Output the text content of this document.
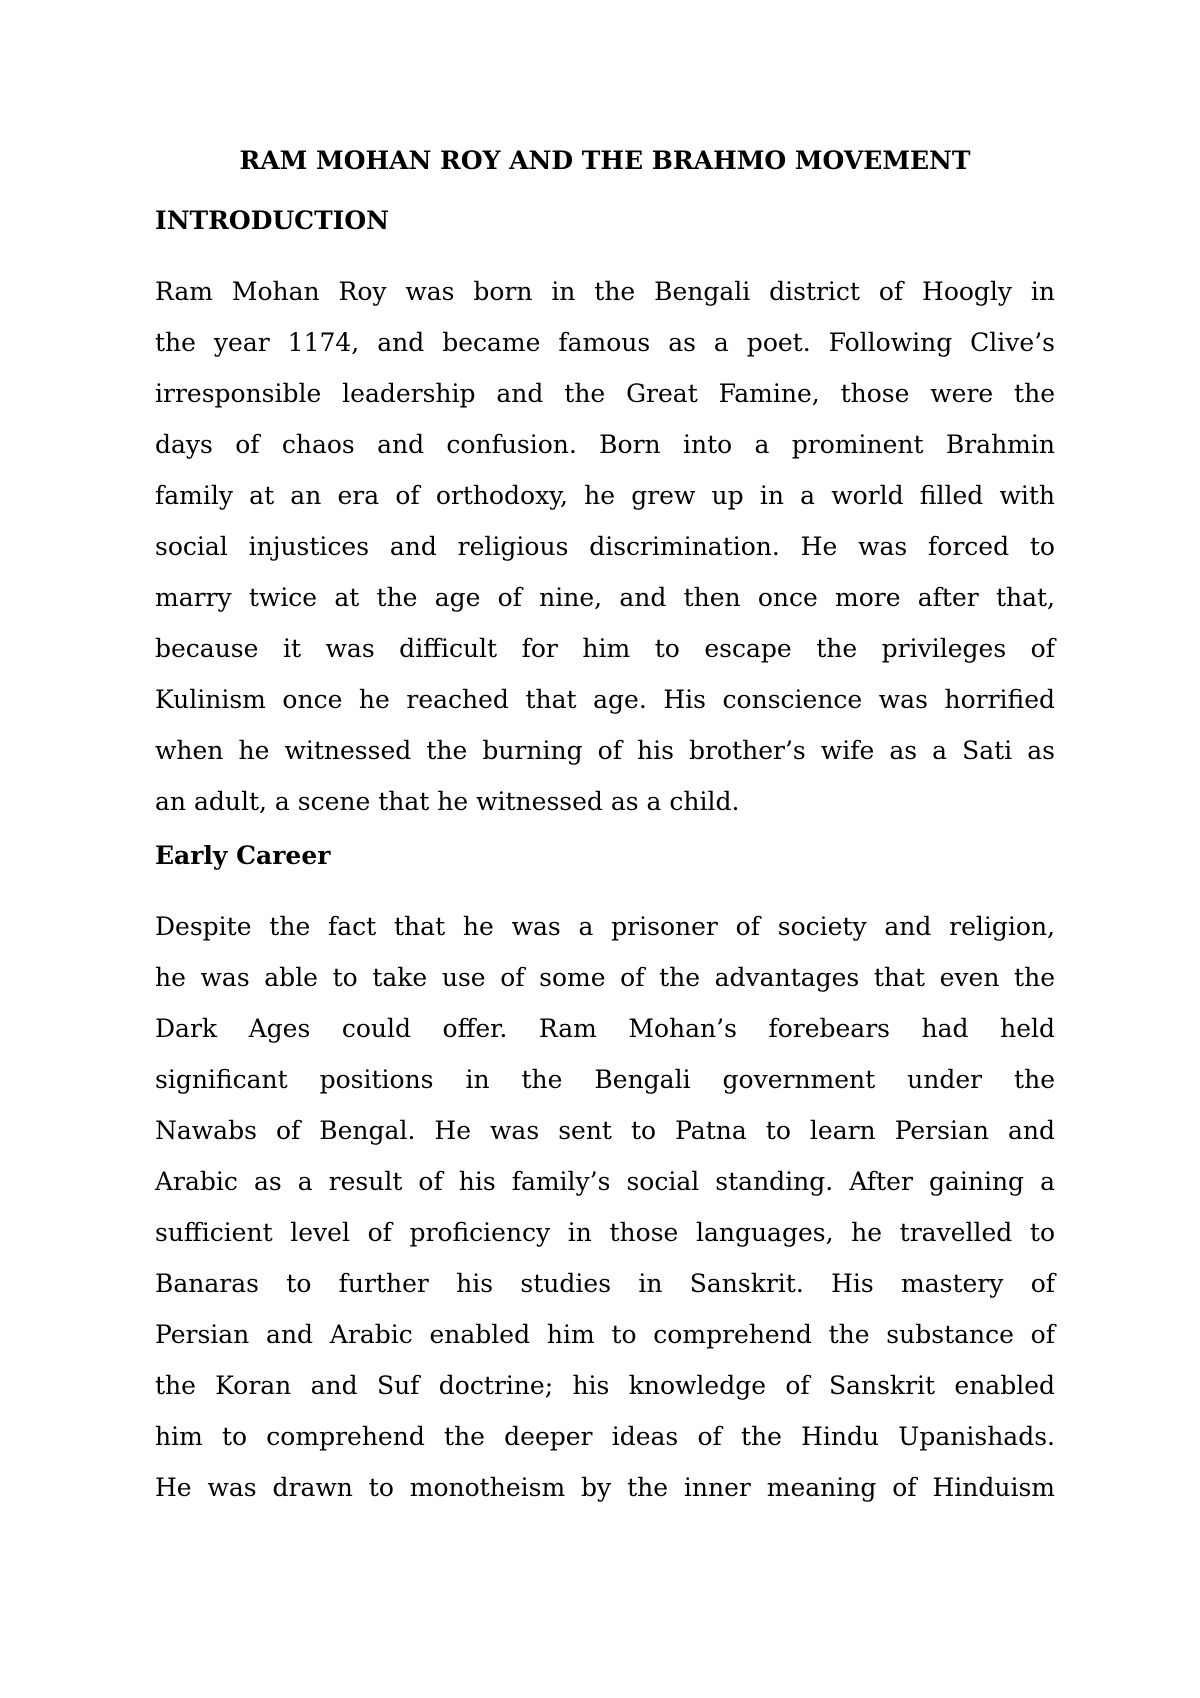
RAM MOHAN ROY AND THE BRAHMO MOVEMENT
INTRODUCTION

Ram Mohan Roy was born in the Bengali district of Hoogly in
the year 1174, and became famous as a poet. Following Clive’s
irresponsible leadership and the Great Famine, those were the
days of chaos and confusion. Born into a prominent Brahmin
family at an era of orthodoxy, he grew up in a world filled with
social injustices and religious discrimination. He was forced to
marry twice at the age of nine, and then once more after that,
because it was difficult for him to escape the privileges of
Kulinism once he reached that age. His conscience was horrified
when he witnessed the burning of his brother’s wife as a Sati as
an adult, a scene that he witnessed as a child.

Early Career

Despite the fact that he was a prisoner of society and religion,
he was able to take use of some of the advantages that even the
Dark Ages could offer. Ram Mohan’s forebears had held
significant positions in the Bengali government under the
Nawabs of Bengal. He was sent to Patna to learn Persian and
Arabic as a result of his family’s social standing. After gaining a
sufficient level of proficiency in those languages, he travelled to
Banaras to further his studies in Sanskrit. His mastery of
Persian and Arabic enabled him to comprehend the substance of
the Koran and Suf doctrine; his knowledge of Sanskrit enabled
him to comprehend the deeper ideas of the Hindu Upanishads.
He was drawn to monotheism by the inner meaning of Hinduism
